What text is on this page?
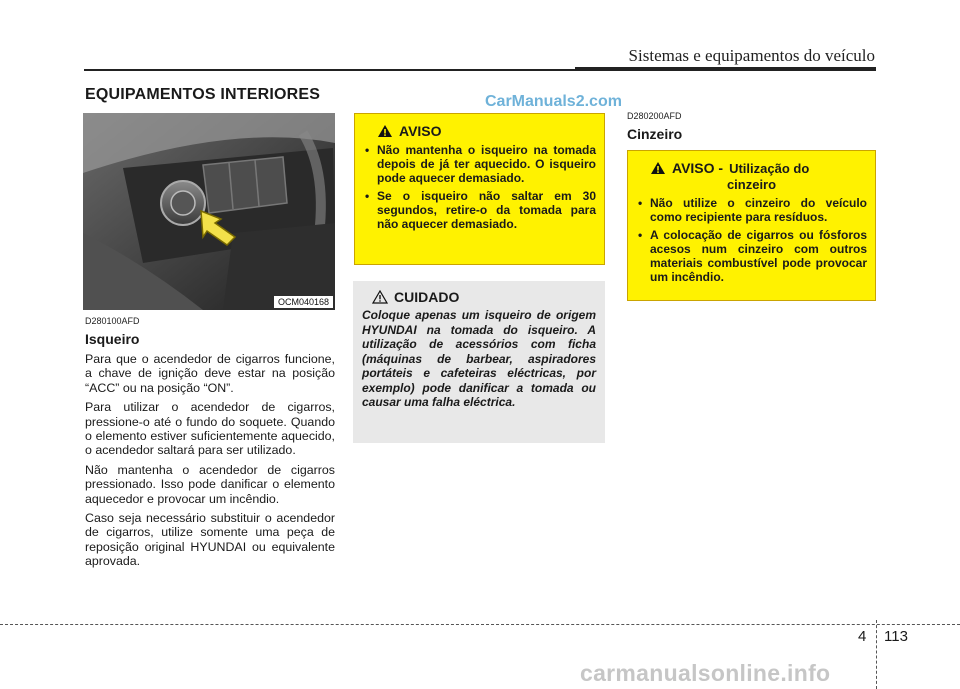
Sistemas e equipamentos do veículo
EQUIPAMENTOS INTERIORES	CarManuals2.com
OCM040168
D280100AFD
Isqueiro

Para que o acendedor de cigarros funcione, a chave de ignição deve estar na posição “ACC” ou na posição “ON”.

Para utilizar o acendedor de cigarros, pressione-o até o fundo do soquete. Quando o elemento estiver suficientemente aquecido, o acendedor saltará para ser utilizado.

Não mantenha o acendedor de cigarros pressionado. Isso pode danificar o elemento aquecedor e provocar um incêndio.

Caso seja necessário substituir o acendedor de cigarros, utilize somente uma peça de reposição original HYUNDAI ou equivalente aprovada.

AVISO
• Não mantenha o isqueiro na tomada depois de já ter aquecido. O isqueiro pode aquecer demasiado.
• Se o isqueiro não saltar em 30 segundos, retire-o da tomada para não aquecer demasiado.
CUIDADO
Coloque apenas um isqueiro de origem HYUNDAI na tomada do isqueiro. A utilização de acessórios com ficha (máquinas de barbear, aspiradores portáteis e cafeteiras eléctricas, por exemplo) pode danificar a tomada ou causar uma falha eléctrica.
D280200AFD
Cinzeiro
AVISO - Utilização do
cinzeiro
• Não utilize o cinzeiro do veículo como recipiente para resíduos.
• A colocação de cigarros ou fósforos acesos num cinzeiro com outros materiais combustível pode provocar um incêndio.
4 113
carmanualsonline.info
